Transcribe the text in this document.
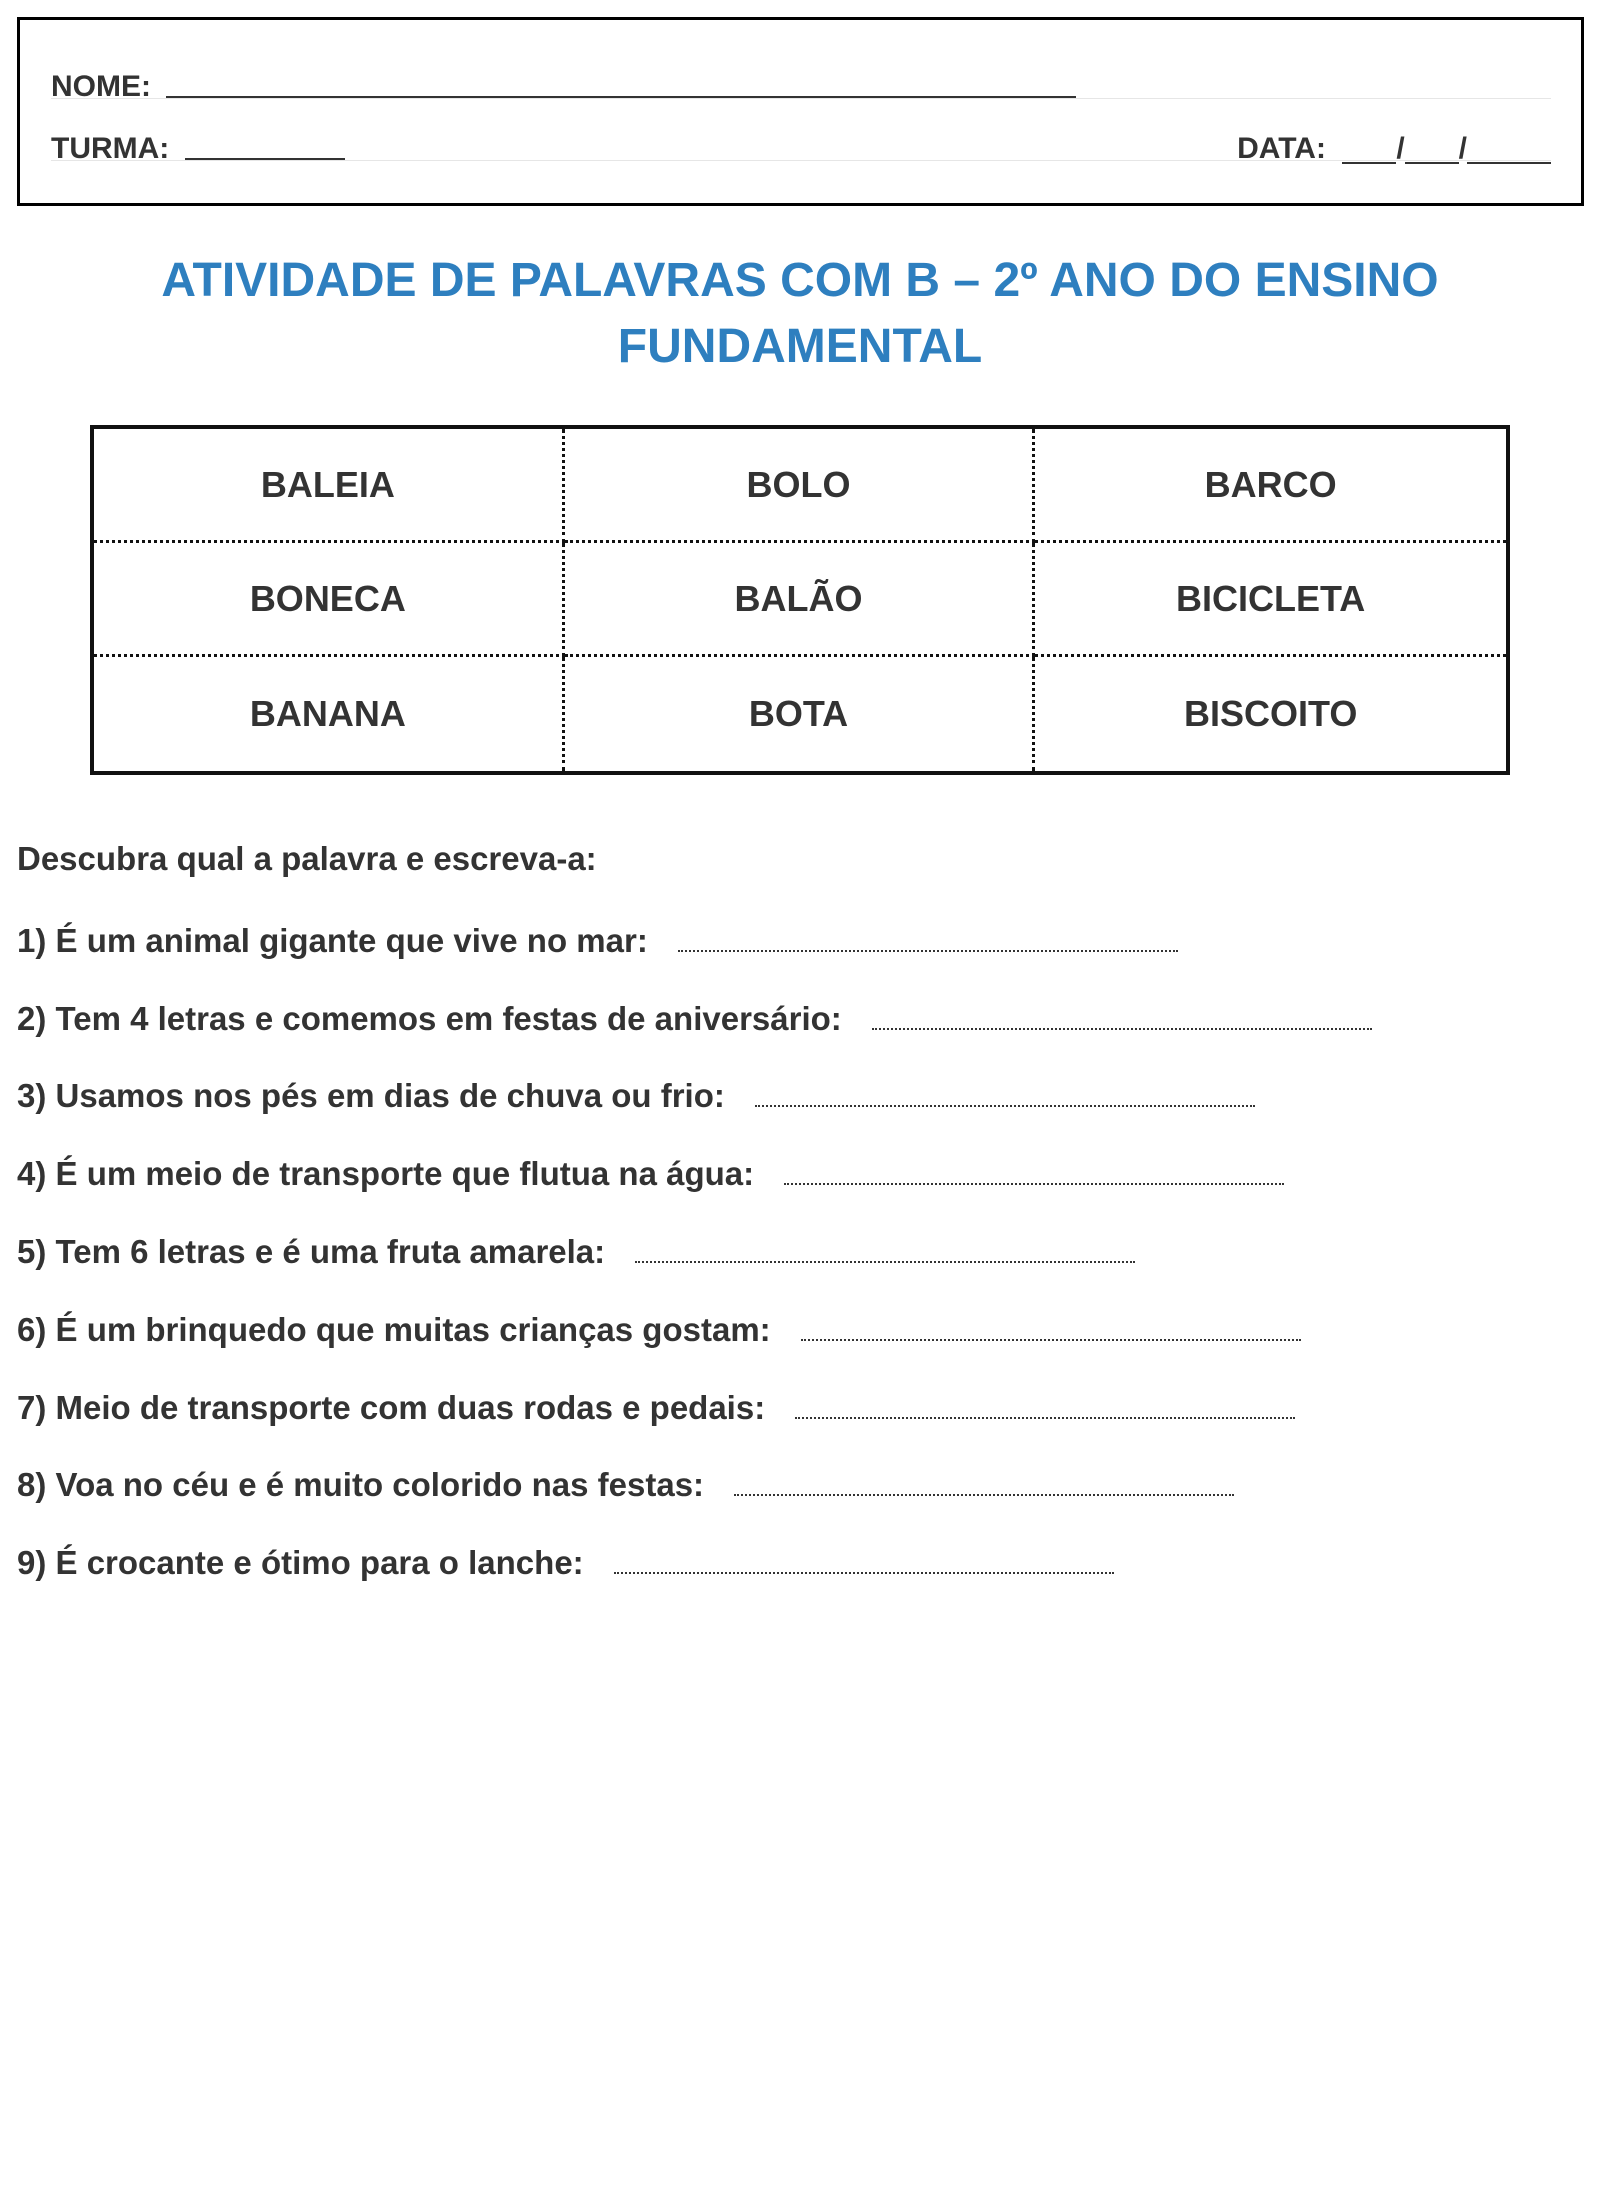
NOME:
TURMA:	DATA: / /
ATIVIDADE DE PALAVRAS COM B – 2º ANO DO ENSINO FUNDAMENTAL
BALEIA	BOLO	BARCO
BONECA	BALÃO	BICICLETA
BANANA	BOTA	BISCOITO
Descubra qual a palavra e escreva-a:
1) É um animal gigante que vive no mar:
2) Tem 4 letras e comemos em festas de aniversário:
3) Usamos nos pés em dias de chuva ou frio:
4) É um meio de transporte que flutua na água:
5) Tem 6 letras e é uma fruta amarela:
6) É um brinquedo que muitas crianças gostam:
7) Meio de transporte com duas rodas e pedais:
8) Voa no céu e é muito colorido nas festas:
9) É crocante e ótimo para o lanche:
